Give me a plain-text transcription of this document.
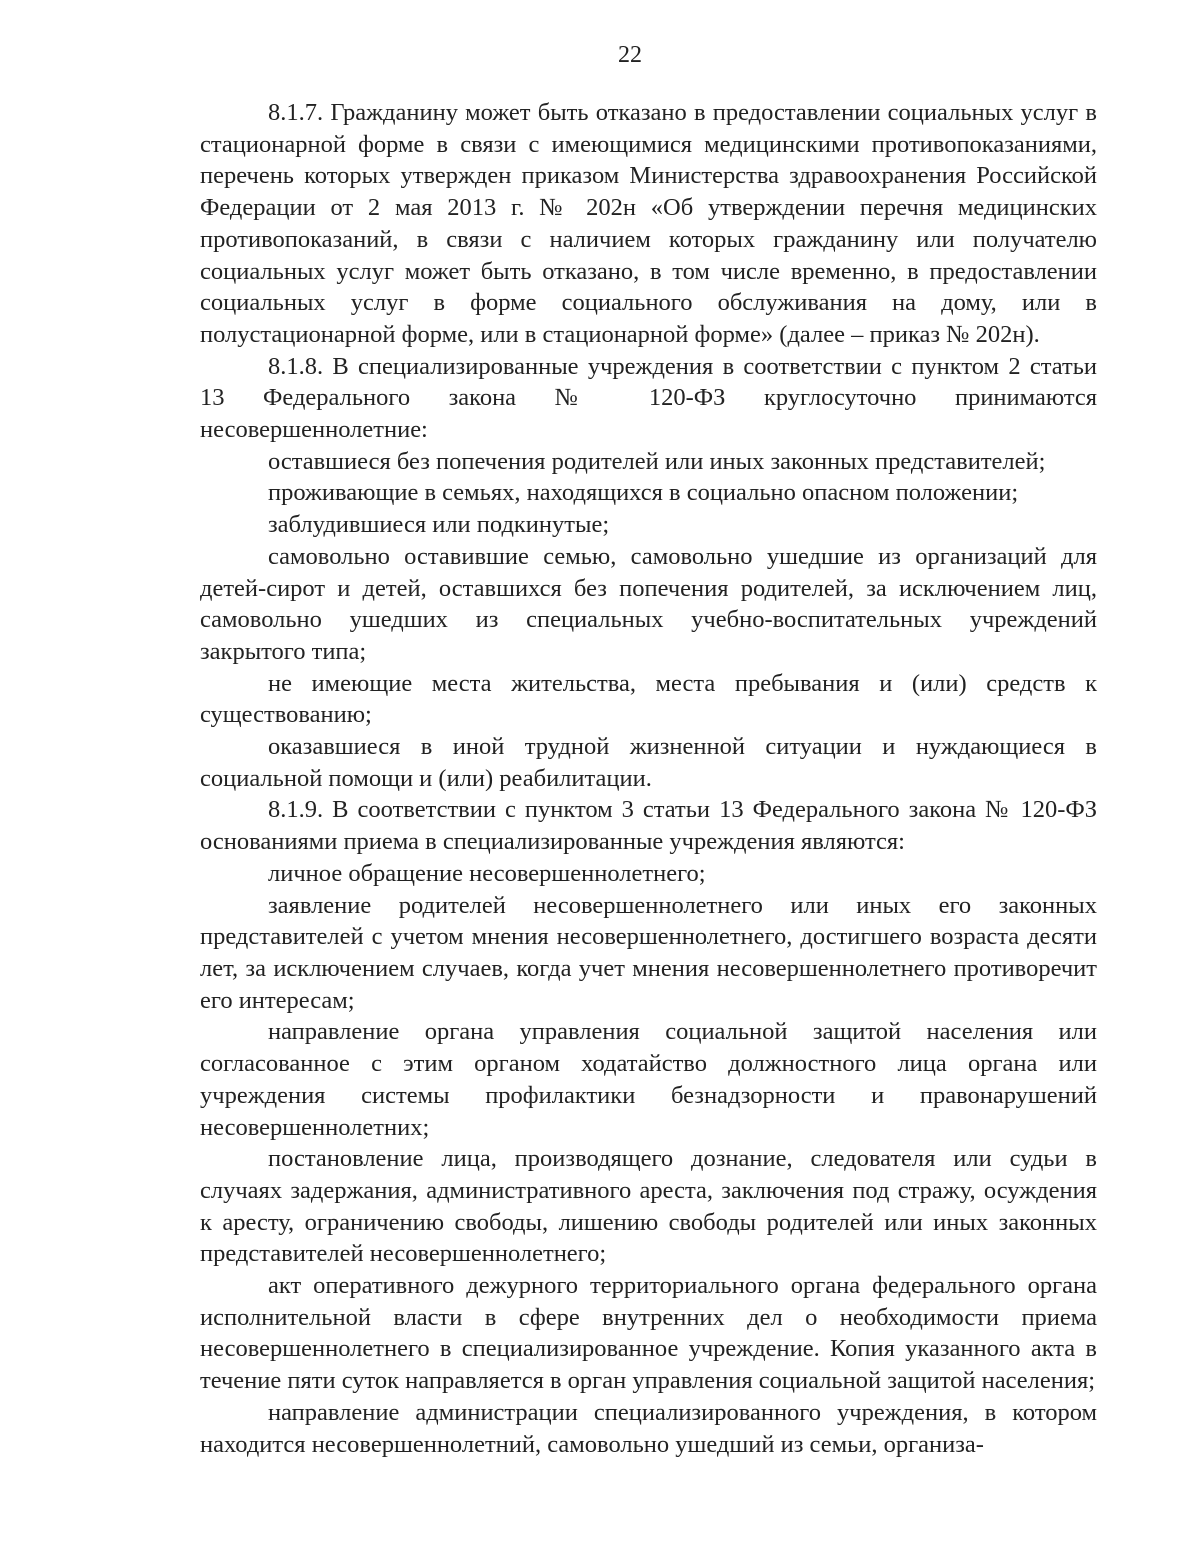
22

8.1.7. Гражданину может быть отказано в предоставлении социальных услуг в стационарной форме в связи с имеющимися медицинскими противопоказаниями, перечень которых утвержден приказом Министерства здравоохранения Российской Федерации от 2 мая 2013 г. № 202н «Об утверждении перечня медицинских противопоказаний, в связи с наличием которых гражданину или получателю социальных услуг может быть отказано, в том числе временно, в предоставлении социальных услуг в форме социального обслуживания на дому, или в полустационарной форме, или в стационарной форме» (далее – приказ № 202н).

8.1.8. В специализированные учреждения в соответствии с пунктом 2 статьи 13 Федерального закона № 120-ФЗ круглосуточно принимаются несовершеннолетние:

оставшиеся без попечения родителей или иных законных представителей;

проживающие в семьях, находящихся в социально опасном положении;

заблудившиеся или подкинутые;

самовольно оставившие семью, самовольно ушедшие из организаций для детей-сирот и детей, оставшихся без попечения родителей, за исключением лиц, самовольно ушедших из специальных учебно-воспитательных учреждений закрытого типа;

не имеющие места жительства, места пребывания и (или) средств к существованию;

оказавшиеся в иной трудной жизненной ситуации и нуждающиеся в социальной помощи и (или) реабилитации.

8.1.9. В соответствии с пунктом 3 статьи 13 Федерального закона № 120-ФЗ основаниями приема в специализированные учреждения являются:

личное обращение несовершеннолетнего;

заявление родителей несовершеннолетнего или иных его законных представителей с учетом мнения несовершеннолетнего, достигшего возраста десяти лет, за исключением случаев, когда учет мнения несовершеннолетнего противоречит его интересам;

направление органа управления социальной защитой населения или согласованное с этим органом ходатайство должностного лица органа или учреждения системы профилактики безнадзорности и правонарушений несовершеннолетних;

постановление лица, производящего дознание, следователя или судьи в случаях задержания, административного ареста, заключения под стражу, осуждения к аресту, ограничению свободы, лишению свободы родителей или иных законных представителей несовершеннолетнего;

акт оперативного дежурного территориального органа федерального органа исполнительной власти в сфере внутренних дел о необходимости приема несовершеннолетнего в специализированное учреждение. Копия указанного акта в течение пяти суток направляется в орган управления социальной защитой населения;

направление администрации специализированного учреждения, в котором находится несовершеннолетний, самовольно ушедший из семьи, организа-
